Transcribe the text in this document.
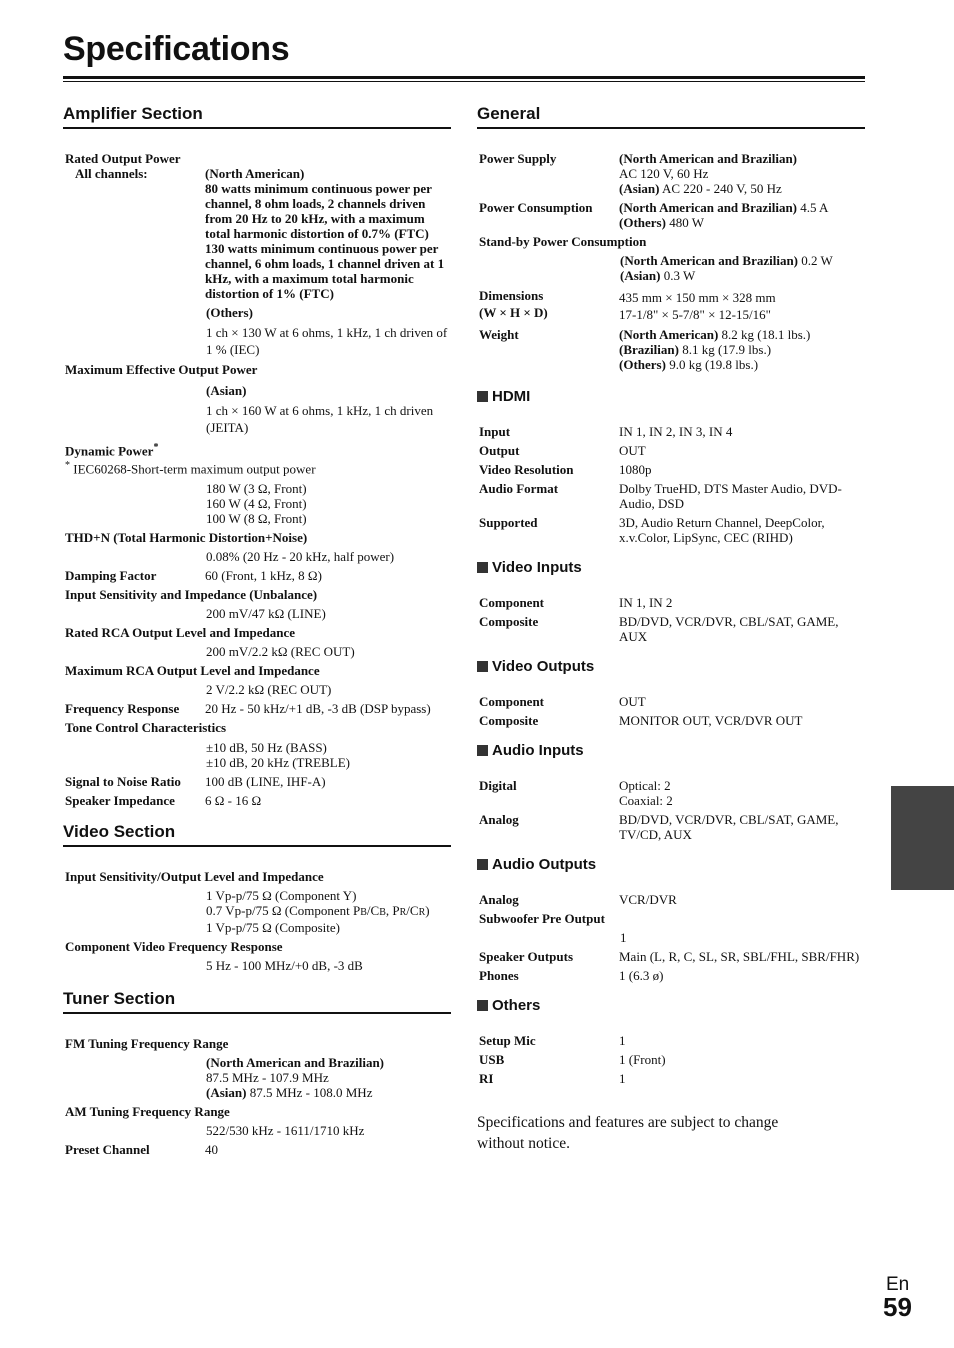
Specifications
Amplifier Section
Rated Output Power
All channels:	(North American)
80 watts minimum continuous power per channel, 8 ohm loads, 2 channels driven from 20 Hz to 20 kHz, with a maximum total harmonic distortion of 0.7% (FTC) 130 watts minimum continuous power per channel, 6 ohm loads, 1 channel driven at 1 kHz, with a maximum total harmonic distortion of 1% (FTC)
(Others)
1 ch × 130 W at 6 ohms, 1 kHz, 1 ch driven of 1 % (IEC)
Maximum Effective Output Power
(Asian)
1 ch × 160 W at 6 ohms, 1 kHz, 1 ch driven (JEITA)
Dynamic Power*
* IEC60268-Short-term maximum output power
180 W (3 Ω, Front)
160 W (4 Ω, Front)
100 W (8 Ω, Front)
THD+N (Total Harmonic Distortion+Noise)
0.08% (20 Hz - 20 kHz, half power)
Damping Factor	60 (Front, 1 kHz, 8 Ω)
Input Sensitivity and Impedance (Unbalance)
200 mV/47 kΩ (LINE)
Rated RCA Output Level and Impedance
200 mV/2.2 kΩ (REC OUT)
Maximum RCA Output Level and Impedance
2 V/2.2 kΩ (REC OUT)
Frequency Response	20 Hz - 50 kHz/+1 dB, -3 dB (DSP bypass)
Tone Control Characteristics
±10 dB, 50 Hz (BASS)
±10 dB, 20 kHz (TREBLE)
Signal to Noise Ratio	100 dB (LINE, IHF-A)
Speaker Impedance	6 Ω - 16 Ω
Video Section
Input Sensitivity/Output Level and Impedance
1 Vp-p/75 Ω (Component Y)
0.7 Vp-p/75 Ω (Component PB/CB, PR/CR)
1 Vp-p/75 Ω (Composite)
Component Video Frequency Response
5 Hz - 100 MHz/+0 dB, -3 dB
Tuner Section
FM Tuning Frequency Range
(North American and Brazilian)
87.5 MHz - 107.9 MHz
(Asian) 87.5 MHz - 108.0 MHz
AM Tuning Frequency Range
522/530 kHz - 1611/1710 kHz
Preset Channel	40
General
Power Supply	(North American and Brazilian)
AC 120 V, 60 Hz
(Asian) AC 220 - 240 V, 50 Hz
Power Consumption	(North American and Brazilian) 4.5 A
(Others) 480 W
Stand-by Power Consumption
(North American and Brazilian) 0.2 W
(Asian) 0.3 W
Dimensions
(W × H × D)
435 mm × 150 mm × 328 mm
17-1/8" × 5-7/8" × 12-15/16"
Weight	(North American) 8.2 kg (18.1 lbs.)
(Brazilian) 8.1 kg (17.9 lbs.)
(Others) 9.0 kg (19.8 lbs.)
HDMI
Input	IN 1, IN 2, IN 3, IN 4
Output	OUT
Video Resolution	1080p
Audio Format	Dolby TrueHD, DTS Master Audio, DVD-Audio, DSD
Supported	3D, Audio Return Channel, DeepColor, x.v.Color, LipSync, CEC (RIHD)
Video Inputs
Component	IN 1, IN 2
Composite	BD/DVD, VCR/DVR, CBL/SAT, GAME, AUX
Video Outputs
Component	OUT
Composite	MONITOR OUT, VCR/DVR OUT
Audio Inputs
Digital	Optical: 2
Coaxial: 2
Analog	BD/DVD, VCR/DVR, CBL/SAT, GAME, TV/CD, AUX
Audio Outputs
Analog	VCR/DVR
Subwoofer Pre Output
1
Speaker Outputs	Main (L, R, C, SL, SR, SBL/FHL, SBR/FHR)
Phones	1 (6.3 ø)
Others
Setup Mic	1
USB	1 (Front)
RI	1
Specifications and features are subject to change without notice.
En
59
